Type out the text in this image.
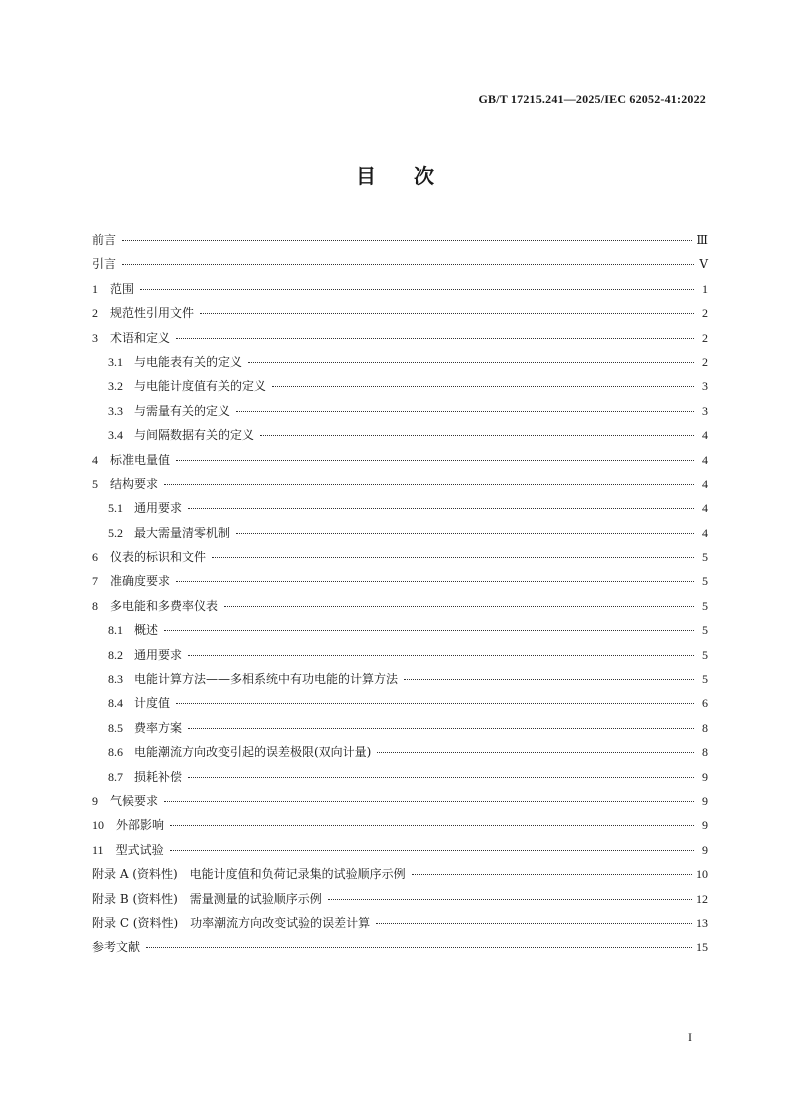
GB/T 17215.241—2025/IEC 62052-41:2022
目 次
前言	Ⅲ
引言	Ⅴ
1 范围	1
2 规范性引用文件	2
3 术语和定义	2
3.1 与电能表有关的定义	2
3.2 与电能计度值有关的定义	3
3.3 与需量有关的定义	3
3.4 与间隔数据有关的定义	4
4 标准电量值	4
5 结构要求	4
5.1 通用要求	4
5.2 最大需量清零机制	4
6 仪表的标识和文件	5
7 准确度要求	5
8 多电能和多费率仪表	5
8.1 概述	5
8.2 通用要求	5
8.3 电能计算方法——多相系统中有功电能的计算方法	5
8.4 计度值	6
8.5 费率方案	8
8.6 电能潮流方向改变引起的误差极限(双向计量)	8
8.7 损耗补偿	9
9 气候要求	9
10 外部影响	9
11 型式试验	9
附录 A (资料性)　电能计度值和负荷记录集的试验顺序示例	10
附录 B (资料性)　需量测量的试验顺序示例	12
附录 C (资料性)　功率潮流方向改变试验的误差计算	13
参考文献	15
I
